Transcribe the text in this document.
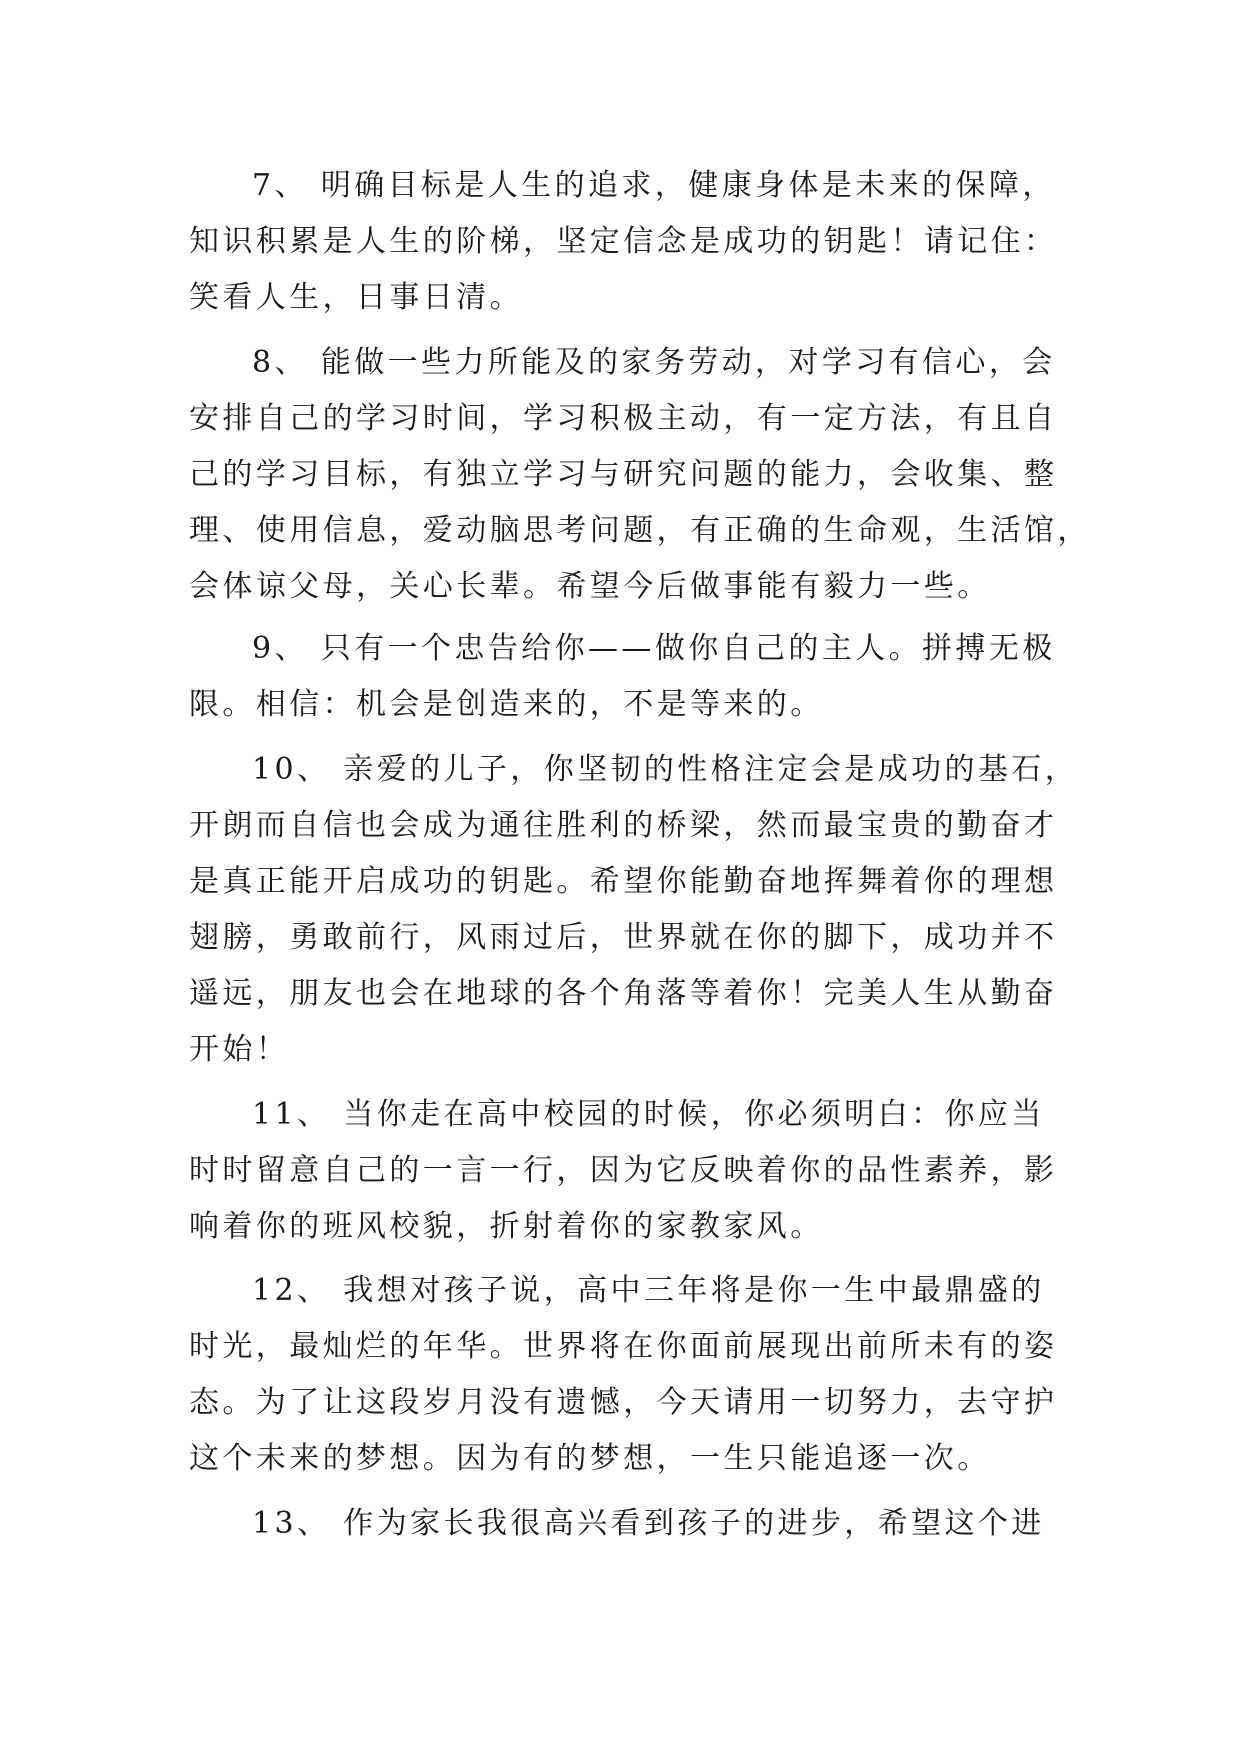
7、 明确目标是人生的追求，健康身体是未来的保障，
知识积累是人生的阶梯，坚定信念是成功的钥匙！请记住：
笑看人生，日事日清。
8、 能做一些力所能及的家务劳动，对学习有信心，会
安排自己的学习时间，学习积极主动，有一定方法，有且自
己的学习目标，有独立学习与研究问题的能力，会收集、整
理、使用信息，爱动脑思考问题，有正确的生命观，生活馆，
会体谅父母，关心长辈。希望今后做事能有毅力一些。
9、 只有一个忠告给你——做你自己的主人。拼搏无极
限。相信：机会是创造来的，不是等来的。
10、 亲爱的儿子，你坚韧的性格注定会是成功的基石，
开朗而自信也会成为通往胜利的桥梁，然而最宝贵的勤奋才
是真正能开启成功的钥匙。希望你能勤奋地挥舞着你的理想
翅膀，勇敢前行，风雨过后，世界就在你的脚下，成功并不
遥远，朋友也会在地球的各个角落等着你！完美人生从勤奋
开始！
11、 当你走在高中校园的时候，你必须明白：你应当
时时留意自己的一言一行，因为它反映着你的品性素养，影
响着你的班风校貌，折射着你的家教家风。
12、 我想对孩子说，高中三年将是你一生中最鼎盛的
时光，最灿烂的年华。世界将在你面前展现出前所未有的姿
态。为了让这段岁月没有遗憾，今天请用一切努力，去守护
这个未来的梦想。因为有的梦想，一生只能追逐一次。
13、 作为家长我很高兴看到孩子的进步，希望这个进
